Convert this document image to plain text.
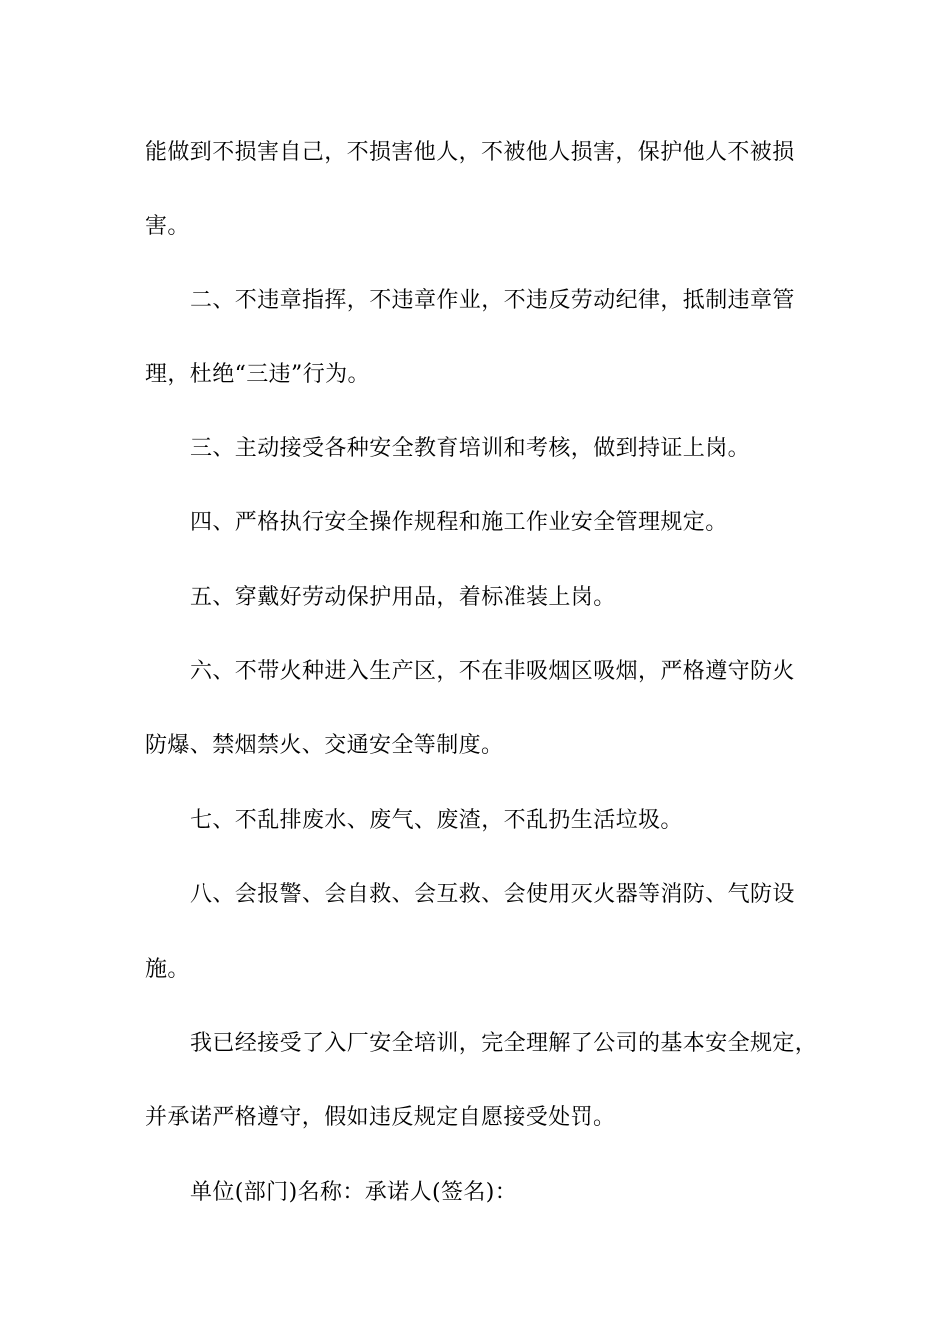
能做到不损害自己，不损害他人，不被他人损害，保护他人不被损
害。
二、不违章指挥，不违章作业，不违反劳动纪律，抵制违章管
理，杜绝“三违”行为。
三、主动接受各种安全教育培训和考核，做到持证上岗。
四、严格执行安全操作规程和施工作业安全管理规定。
五、穿戴好劳动保护用品，着标准装上岗。
六、不带火种进入生产区，不在非吸烟区吸烟，严格遵守防火
防爆、禁烟禁火、交通安全等制度。
七、不乱排废水、废气、废渣，不乱扔生活垃圾。
八、会报警、会自救、会互救、会使用灭火器等消防、气防设
施。
我已经接受了入厂安全培训，完全理解了公司的基本安全规定，
并承诺严格遵守，假如违反规定自愿接受处罚。
单位(部门)名称：承诺人(签名)：
